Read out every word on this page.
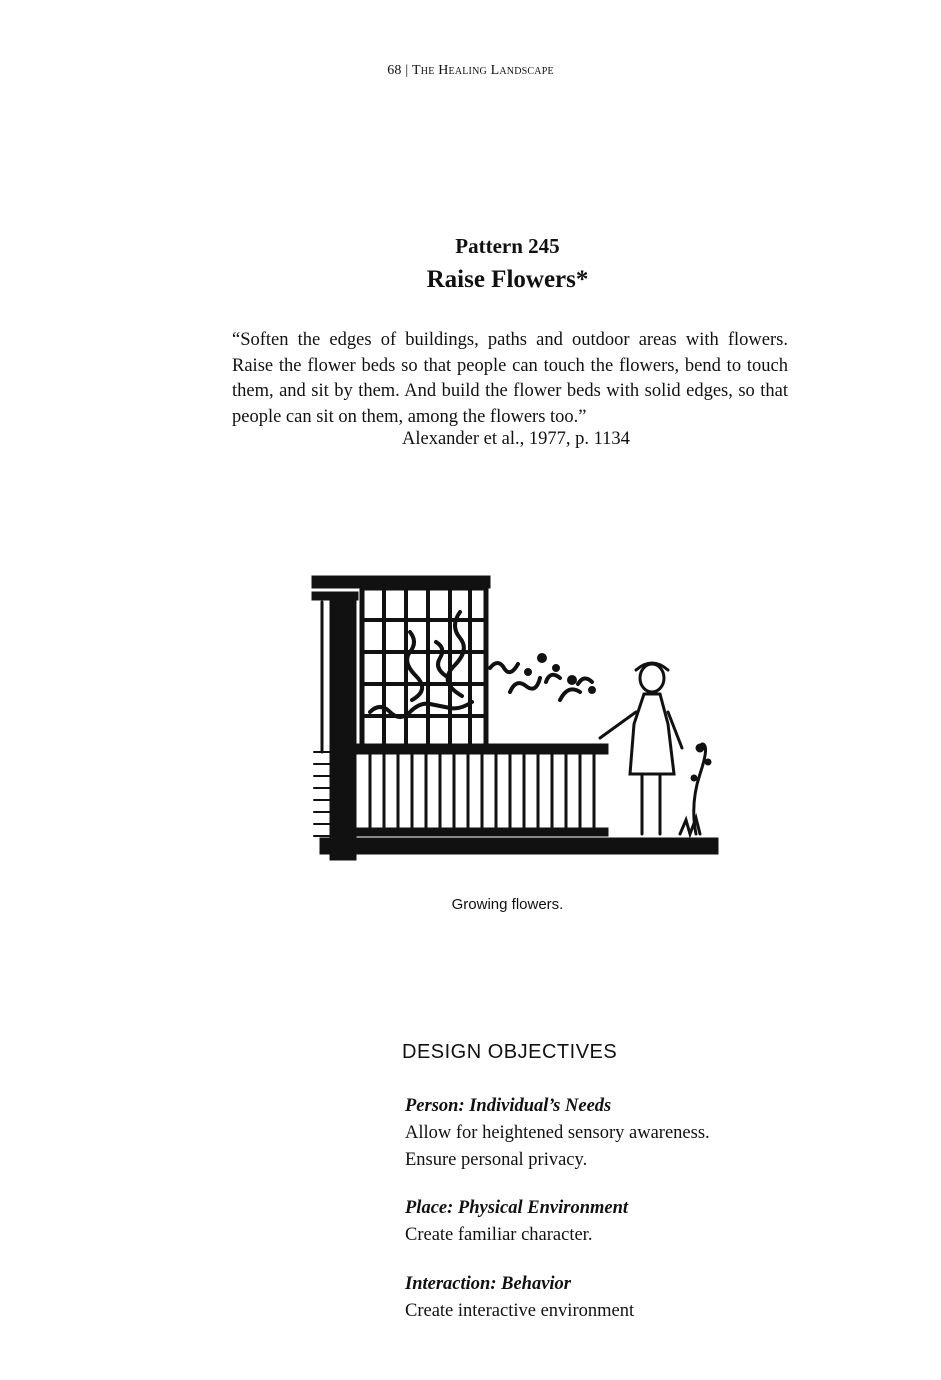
68 | The Healing Landscape
Pattern 245
Raise Flowers*
“Soften the edges of buildings, paths and outdoor areas with flowers. Raise the flower beds so that people can touch the flowers, bend to touch them, and sit by them. And build the flower beds with solid edges, so that people can sit on them, among the flowers too.”
Alexander et al., 1977, p. 1134
Growing flowers.
DESIGN OBJECTIVES
Person: Individual’s Needs
Allow for heightened sensory awareness.
Ensure personal privacy.
Place: Physical Environment
Create familiar character.
Interaction: Behavior
Create interactive environment
